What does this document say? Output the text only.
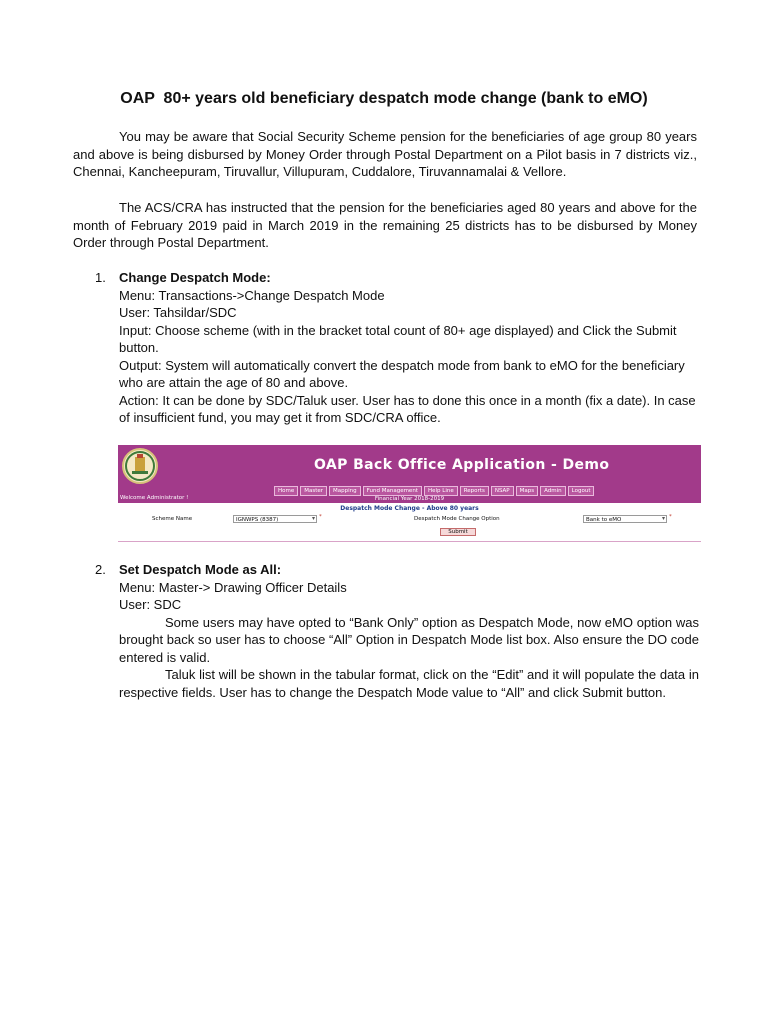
OAP  80+ years old beneficiary despatch mode change (bank to eMO)
You may be aware that Social Security Scheme pension for the beneficiaries of age group 80 years and above is being disbursed by Money Order through Postal Department on a Pilot basis in 7 districts viz., Chennai, Kancheepuram, Tiruvallur, Villupuram, Cuddalore, Tiruvannamalai & Vellore.
The ACS/CRA has instructed that the pension for the beneficiaries aged 80 years and above for the month of February 2019 paid in March 2019 in the remaining 25 districts has to be disbursed by Money Order through Postal Department.
1.	Change Despatch Mode:
Menu: Transactions->Change Despatch Mode
User: Tahsildar/SDC
Input: Choose scheme (with in the bracket total count of 80+ age displayed) and Click the Submit button.
Output: System will automatically convert the despatch mode from bank to eMO for the beneficiary who are attain the age of 80 and above.
Action: It can be done by SDC/Taluk user. User has to done this once in a month (fix a date). In case of insufficient fund, you may get it from SDC/CRA office.
OAP Back Office Application - Demo
Home	Master	Mapping	Fund Management	Help Line	Reports	NSAP	Maps	Admin	Logout
Welcome Administrator !	Financial Year 2018-2019
Despatch Mode Change - Above 80 years
Scheme Name	IGNWPS (8387) ▾	*	Despatch Mode Change Option	Bank to eMO ▾	*
Submit
2.	Set Despatch Mode as All:
Menu: Master-> Drawing Officer Details
User: SDC
Some users may have opted to “Bank Only” option as Despatch Mode, now eMO option was brought back so user has to choose “All” Option in Despatch Mode list box. Also ensure the DO code entered is valid.
Taluk list will be shown in the tabular format, click on the “Edit” and it will populate the data in respective fields. User has to change the Despatch Mode value to “All” and click Submit button.
